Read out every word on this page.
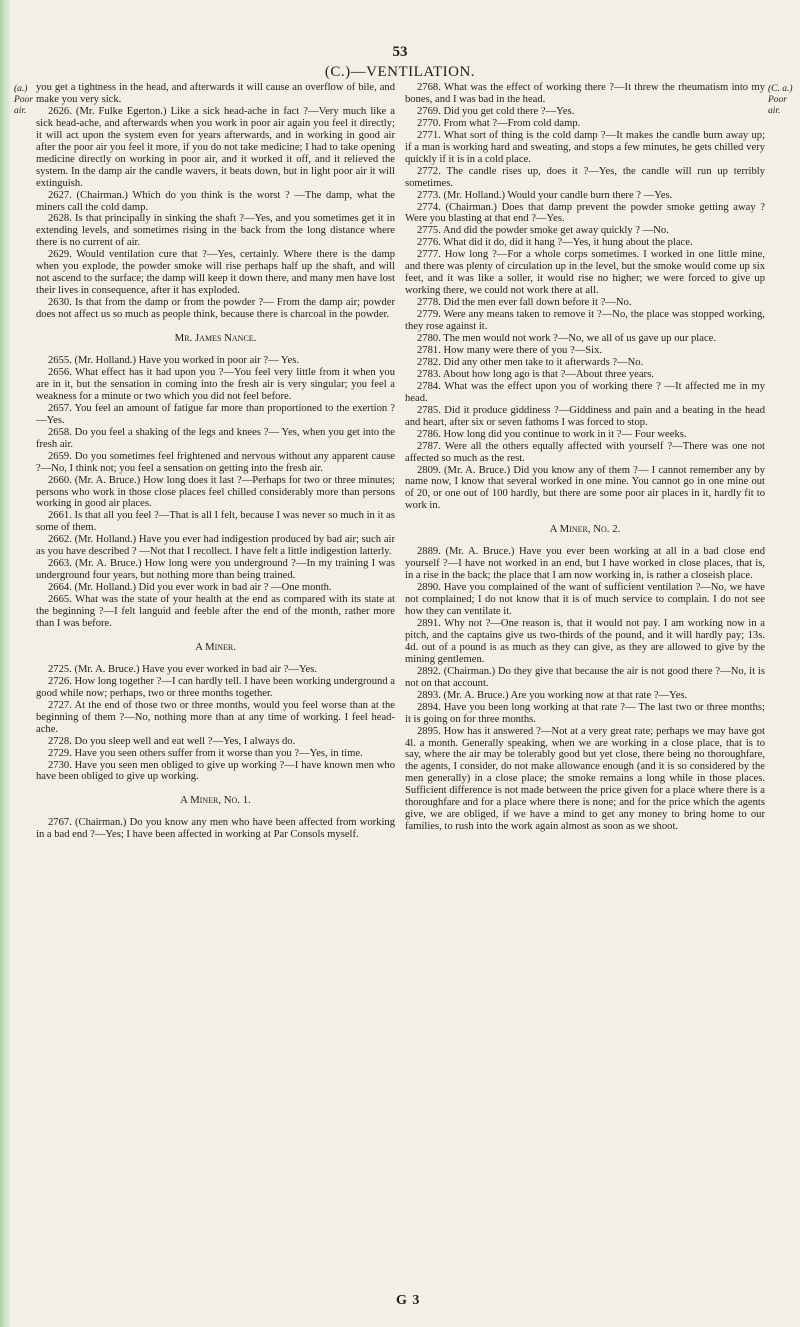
53
(C.)—VENTILATION.
(a.) Poor air.
(C. a.) Poor air.

you get a tightness in the head, and afterwards it will cause an overflow of bile, and make you very sick.

2626. (Mr. Fulke Egerton.) Like a sick head-ache in fact ?—Very much like a sick head-ache, and afterwards when you work in poor air again you feel it directly; it will act upon the system even for years afterwards, and in working in good air after the poor air you feel it more, if you do not take medicine; I had to take opening medicine directly on working in poor air, and it worked it off, and it relieved the system. In the damp air the candle wavers, it beats down, but in light poor air it will extinguish.

2627. (Chairman.) Which do you think is the worst ? —The damp, what the miners call the cold damp.

2628. Is that principally in sinking the shaft ?—Yes, and you sometimes get it in extending levels, and sometimes rising in the back from the long distance where there is no current of air.

2629. Would ventilation cure that ?—Yes, certainly. Where there is the damp when you explode, the powder smoke will rise perhaps half up the shaft, and will not ascend to the surface; the damp will keep it down there, and many men have lost their lives in consequence, after it has exploded.

2630. Is that from the damp or from the powder ?— From the damp air; powder does not affect us so much as people think, because there is charcoal in the powder.

Mr. James Nance.

2655. (Mr. Holland.) Have you worked in poor air ?— Yes.

2656. What effect has it had upon you ?—You feel very little from it when you are in it, but the sensation in coming into the fresh air is very singular; you feel a weakness for a minute or two which you did not feel before.

2657. You feel an amount of fatigue far more than proportioned to the exertion ?—Yes.

2658. Do you feel a shaking of the legs and knees ?— Yes, when you get into the fresh air.

2659. Do you sometimes feel frightened and nervous without any apparent cause ?—No, I think not; you feel a sensation on getting into the fresh air.

2660. (Mr. A. Bruce.) How long does it last ?—Perhaps for two or three minutes; persons who work in those close places feel chilled considerably more than persons working in good air places.

2661. Is that all you feel ?—That is all I felt, because I was never so much in it as some of them.

2662. (Mr. Holland.) Have you ever had indigestion produced by bad air; such air as you have described ? —Not that I recollect. I have felt a little indigestion latterly.

2663. (Mr. A. Bruce.) How long were you underground ?—In my training I was underground four years, but nothing more than being trained.

2664. (Mr. Holland.) Did you ever work in bad air ? —One month.

2665. What was the state of your health at the end as compared with its state at the beginning ?—I felt languid and feeble after the end of the month, rather more than I was before.

A Miner.

2725. (Mr. A. Bruce.) Have you ever worked in bad air ?—Yes.

2726. How long together ?—I can hardly tell. I have been working underground a good while now; perhaps, two or three months together.

2727. At the end of those two or three months, would you feel worse than at the beginning of them ?—No, nothing more than at any time of working. I feel head-ache.

2728. Do you sleep well and eat well ?—Yes, I always do.

2729. Have you seen others suffer from it worse than you ?—Yes, in time.

2730. Have you seen men obliged to give up working ?—I have known men who have been obliged to give up working.

A Miner, No. 1.

2767. (Chairman.) Do you know any men who have been affected from working in a bad end ?—Yes; I have been affected in working at Par Consols myself.

2768. What was the effect of working there ?—It threw the rheumatism into my bones, and I was bad in the head.

2769. Did you get cold there ?—Yes.

2770. From what ?—From cold damp.

2771. What sort of thing is the cold damp ?—It makes the candle burn away up; if a man is working hard and sweating, and stops a few minutes, he gets chilled very quickly if it is in a cold place.

2772. The candle rises up, does it ?—Yes, the candle will run up terribly sometimes.

2773. (Mr. Holland.) Would your candle burn there ? —Yes.

2774. (Chairman.) Does that damp prevent the powder smoke getting away ? Were you blasting at that end ?—Yes.

2775. And did the powder smoke get away quickly ? —No.

2776. What did it do, did it hang ?—Yes, it hung about the place.

2777. How long ?—For a whole corps sometimes. I worked in one little mine, and there was plenty of circulation up in the level, but the smoke would come up six feet, and it was like a soller, it would rise no higher; we were forced to give up working there, we could not work there at all.

2778. Did the men ever fall down before it ?—No.

2779. Were any means taken to remove it ?—No, the place was stopped working, they rose against it.

2780. The men would not work ?—No, we all of us gave up our place.

2781. How many were there of you ?—Six.

2782. Did any other men take to it afterwards ?—No.

2783. About how long ago is that ?—About three years.

2784. What was the effect upon you of working there ? —It affected me in my head.

2785. Did it produce giddiness ?—Giddiness and pain and a beating in the head and heart, after six or seven fathoms I was forced to stop.

2786. How long did you continue to work in it ?— Four weeks.

2787. Were all the others equally affected with yourself ?—There was one not affected so much as the rest.

2809. (Mr. A. Bruce.) Did you know any of them ?— I cannot remember any by name now, I know that several worked in one mine. You cannot go in one mine out of 20, or one out of 100 hardly, but there are some poor air places in it, hardly fit to work in.

A Miner, No. 2.

2889. (Mr. A. Bruce.) Have you ever been working at all in a bad close end yourself ?—I have not worked in an end, but I have worked in close places, that is, in a rise in the back; the place that I am now working in, is rather a closeish place.

2890. Have you complained of the want of sufficient ventilation ?—No, we have not complained; I do not know that it is of much service to complain. I do not see how they can ventilate it.

2891. Why not ?—One reason is, that it would not pay. I am working now in a pitch, and the captains give us two-thirds of the pound, and it will hardly pay; 13s. 4d. out of a pound is as much as they can give, as they are allowed to give by the mining gentlemen.

2892. (Chairman.) Do they give that because the air is not good there ?—No, it is not on that account.

2893. (Mr. A. Bruce.) Are you working now at that rate ?—Yes.

2894. Have you been long working at that rate ?— The last two or three months; it is going on for three months.

2895. How has it answered ?—Not at a very great rate; perhaps we may have got 4l. a month. Generally speaking, when we are working in a close place, that is to say, where the air may be tolerably good but yet close, there being no thoroughfare, the agents, I consider, do not make allowance enough (and it is so considered by the men generally) in a close place; the smoke remains a long while in those places. Sufficient difference is not made between the price given for a place where there is a thoroughfare and for a place where there is none; and for the price which the agents give, we are obliged, if we have a mind to get any money to bring home to our families, to rush into the work again almost as soon as we shoot.

G 3
